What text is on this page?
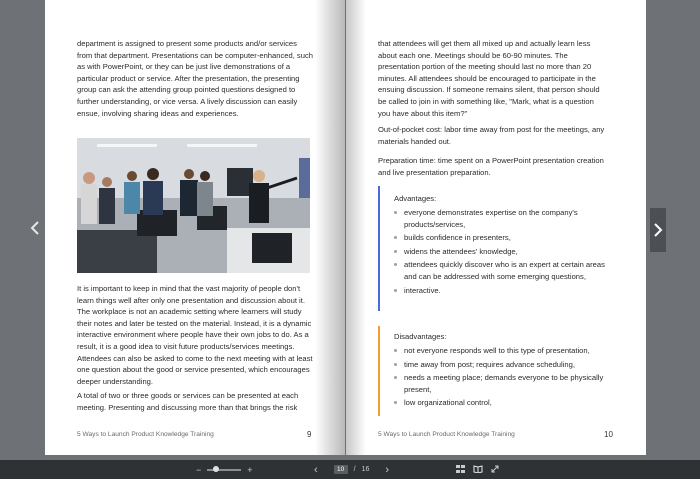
department is assigned to present some products and/or services from that department. Presentations can be computer-enhanced, such as with PowerPoint, or they can be just live demonstrations of a particular product or service. After the presentation, the presenting group can ask the attending group pointed questions designed to further understanding, or vice versa. A lively discussion can easily ensue, involving sharing ideas and experiences.

It is important to keep in mind that the vast majority of people don't learn things well after only one presentation and discussion about it. The workplace is not an academic setting where learners will study their notes and later be tested on the material. Instead, it is a dynamic interactive environment where people have their own jobs to do. As a result, it is a good idea to visit future products/services meetings. Attendees can also be asked to come to the next meeting with at least one question about the good or service presented, which encourages deeper understanding.

A total of two or three goods or services can be presented at each meeting. Presenting and discussing more than that brings the risk

5 Ways to Launch Product Knowledge Training	9

that attendees will get them all mixed up and actually learn less about each one. Meetings should be 60-90 minutes. The presentation portion of the meeting should last no more than 20 minutes. All attendees should be encouraged to participate in the ensuing discussion. If someone remains silent, that person should be called to join in with something like, "Mark, what is a question you have about this item?"

Out-of-pocket cost: labor time away from post for the meetings, any materials handed out.

Preparation time: time spent on a PowerPoint presentation creation and live presentation preparation.

Advantages:
everyone demonstrates expertise on the company's products/services,
builds confidence in presenters,
widens the attendees' knowledge,
attendees quickly discover who is an expert at certain areas and can be addressed with some emerging questions,
interactive.
Disadvantages:
not everyone responds well to this type of presentation,
time away from post; requires advance scheduling,
needs a meeting place; demands everyone to be physically present,
low organizational control,
5 Ways to Launch Product Knowledge Training	10
−	+	‹	10	/ 16 ›
